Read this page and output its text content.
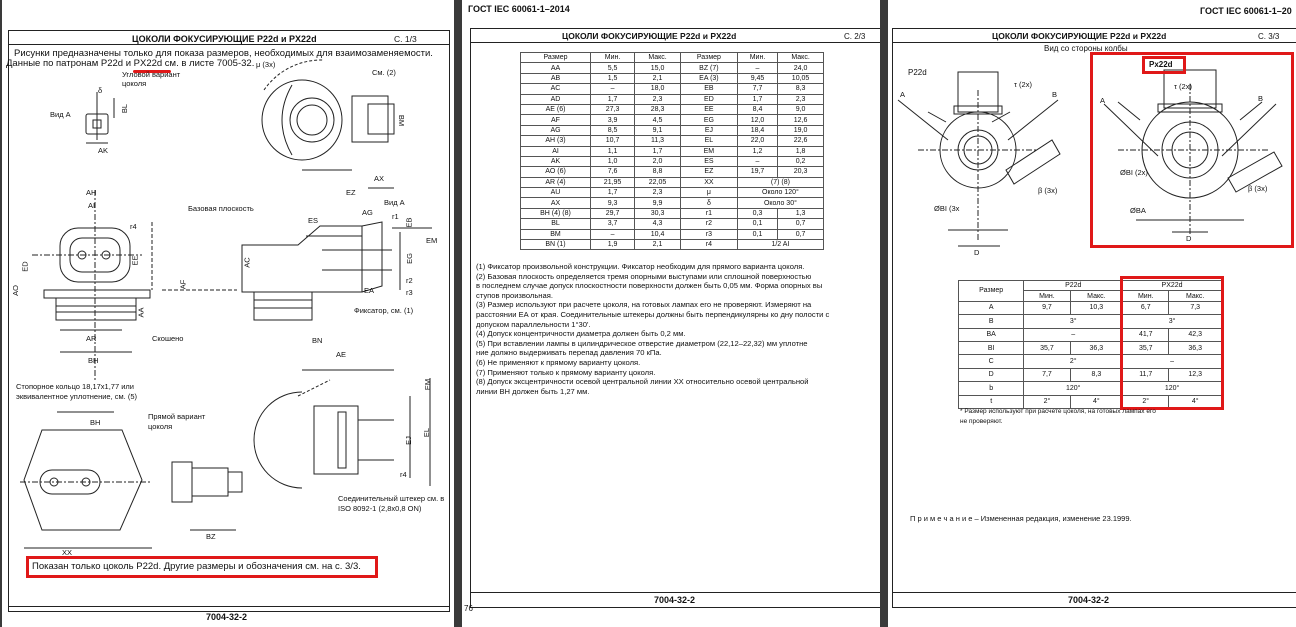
ЦОКОЛИ ФОКУСИРУЮЩИЕ P22d и PX22d	С. 1/3
Рисунки предназначены только для показа размеров, необходимых для взаимозаменяемости.
Данные по патронам P22d и PX22d см. в листе 7005-32.
Угловой вариант цоколя
Вид А
μ (3x)
См. (2)
Вид А
Базовая плоскость
Фиксатор, см. (1)
Скошено
Стопорное кольцо 18,17x1,77 или эквивалентное уплотнение, см. (5)
Прямой вариант цоколя
Соединительный штекер см. в ISO 8092-1 (2,8x0,8 ON)
BL
AK
BM
AX
EZ
AH
AI
r4
ED
EE
AF
AO
AA
AR
BH
ES
AG	r1
AC
EB
EM
EG
EA
r2
r3
BN
AE
EL
EJ
BH
XX
BZ
r4
EM
δ
Показан только цоколь P22d. Другие размеры и обозначения см. на с. 3/3.
7004-32-2
ГОСТ IEC 60061-1–2014
ЦОКОЛИ ФОКУСИРУЮЩИЕ P22d и PX22d	С. 2/3
Размер	Мин.	Макс.	Размер	Мин.	Макс.
AA	5,5	15,0	BZ (7)	–	24,0
AB	1,5	2,1	EA (3)	9,45	10,05
AC	–	18,0	EB	7,7	8,3
AD	1,7	2,3	ED	1,7	2,3
AE (6)	27,3	28,3	EE	8,4	9,0
AF	3,9	4,5	EG	12,0	12,6
AG	8,5	9,1	EJ	18,4	19,0
AH (3)	10,7	11,3	EL	22,0	22,6
AI	1,1	1,7	EM	1,2	1,8
AK	1,0	2,0	ES	–	0,2
AO (6)	7,6	8,8	EZ	19,7	20,3
AR (4)	21,95	22,05	XX	(7) (8)	
AU	1,7	2,3	μ	Около 120°	
AX	9,3	9,9	δ	Около 30°	
BH (4) (8)	29,7	30,3	r1	0,3	1,3
BL	3,7	4,3	r2	0,1	0,7
BM	–	10,4	r3	0,1	0,7
BN (1)	1,9	2,1	r4	1/2 AI	

(1) Фиксатор произвольной конструкции. Фиксатор необходим для прямого варианта цоколя.

(2) Базовая плоскость определяется тремя опорными выступами или сплошной поверхностью

в последнем случае допуск плоскостности поверхности должен быть 0,05 мм. Форма опорных вы

ступов произвольная.

(3) Размер используют при расчете цоколя, на готовых лампах его не проверяют. Измеряют на

расстоянии ЕА от края. Соединительные штекеры должны быть перпендикулярны ко дну полости с

допуском параллельности 1°30'.

(4) Допуск концентричности диаметра должен быть 0,2 мм.

(5) При вставлении лампы в цилиндрическое отверстие диаметром (22,12–22,32) мм уплотне

ние должно выдерживать перепад давления 70 кПа.

(6) Не применяют к прямому варианту цоколя.

(7) Применяют только к прямому варианту цоколя.

(8) Допуск эксцентричности осевой центральной линии XX относительно осевой центральной

линии BH должен быть 1,27 мм.

7004-32-2
76
ГОСТ IEC 60061-1–20
ЦОКОЛИ ФОКУСИРУЮЩИЕ P22d и PX22d	С. 3/3
Вид со стороны колбы
P22d
Px22d
τ (2x)	τ (2x)
A	B
A	B
β (3x)	β (3x)
ØBI (3x
ØBI (2x)
ØBA
D
D
Размер	P22d		PX22d	
	Мин.	Макс.	Мин.	Макс.
A	9,7	10,3	6,7	7,3
B	3°		3°	
BA	–		41,7	42,3
BI	35,7	36,3	35,7	36,3
C	2°		–	
D	7,7	8,3	11,7	12,3
b	120°		120°	
t	2°	4°	2°	4°
* Размер используют при расчете цоколя, на готовых лампах его
не проверяют.
П р и м е ч а н и е – Измененная редакция, изменение 23.1999.
7004-32-2
